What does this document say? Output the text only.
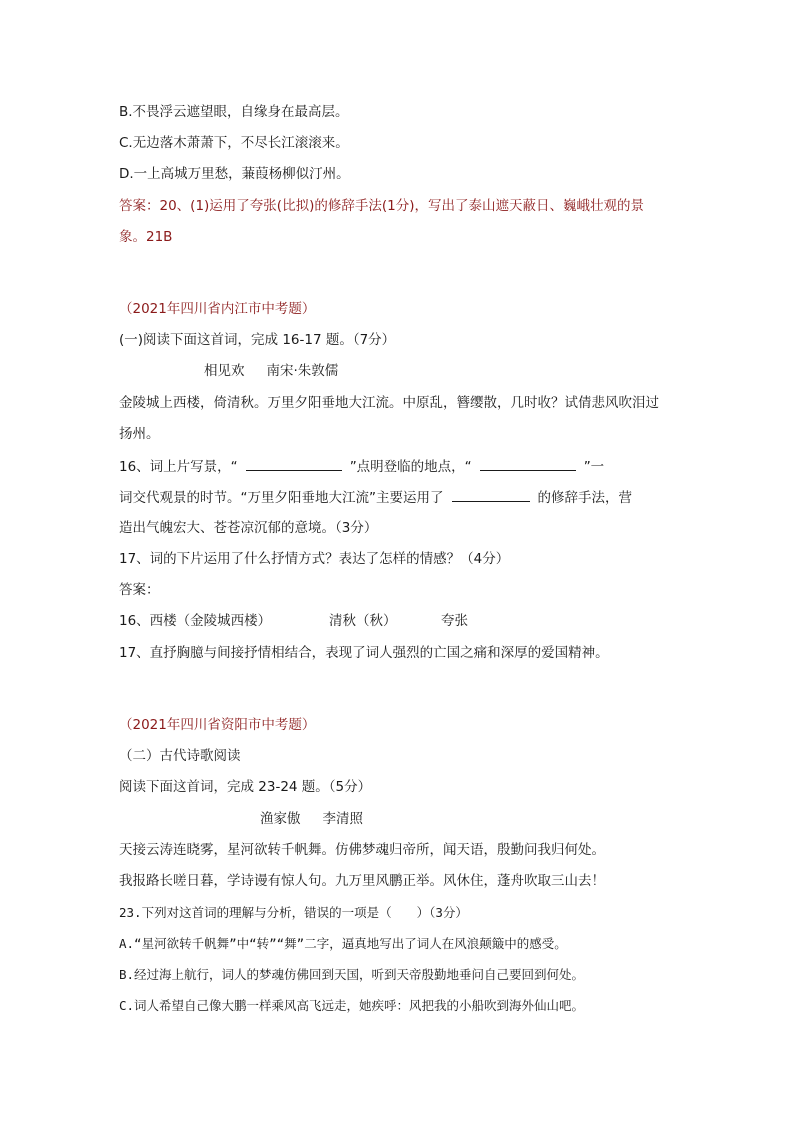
B.不畏浮云遮望眼，自缘身在最高层。
C.无边落木萧萧下，不尽长江滚滚来。
D.一上高城万里愁，蒹葭杨柳似汀州。
答案：20、(1)运用了夸张(比拟)的修辞手法(1分)，写出了泰山遮天蔽日、巍峨壮观的景
象。21B
（2021年四川省内江市中考题）
(一)阅读下面这首词，完成 16-17 题。（7分）
相见欢 南宋·朱敦儒
金陵城上西楼，倚清秋。万里夕阳垂地大江流。中原乱，簪缨散，几时收？试倩悲风吹泪过
扬州。
16、词上片写景，“	”点明登临的地点，“	”一
词交代观景的时节。“万里夕阳垂地大江流”主要运用了	的修辞手法，营
造出气魄宏大、苍苍凉沉郁的意境。（3分）
17、词的下片运用了什么抒情方式？表达了怎样的情感？（4分）
答案：
16、西楼（金陵城西楼）	清秋（秋）	夸张
17、直抒胸臆与间接抒情相结合，表现了词人强烈的亡国之痛和深厚的爱国精神。
（2021年四川省资阳市中考题）
（二）古代诗歌阅读
阅读下面这首词，完成 23-24 题。（5分）
渔家傲 李清照
天接云涛连晓雾，星河欲转千帆舞。仿佛梦魂归帝所，闻天语，殷勤问我归何处。
我报路长嗟日暮，学诗谩有惊人句。九万里风鹏正举。风休住，蓬舟吹取三山去！
23.下列对这首词的理解与分析，错误的一项是（　　）（3分）
A.“星河欲转千帆舞”中“转”“舞”二字，逼真地写出了词人在风浪颠簸中的感受。
B.经过海上航行，词人的梦魂仿佛回到天国，听到天帝殷勤地垂问自己要回到何处。
C.词人希望自己像大鹏一样乘风高飞远走，她疾呼：风把我的小船吹到海外仙山吧。
